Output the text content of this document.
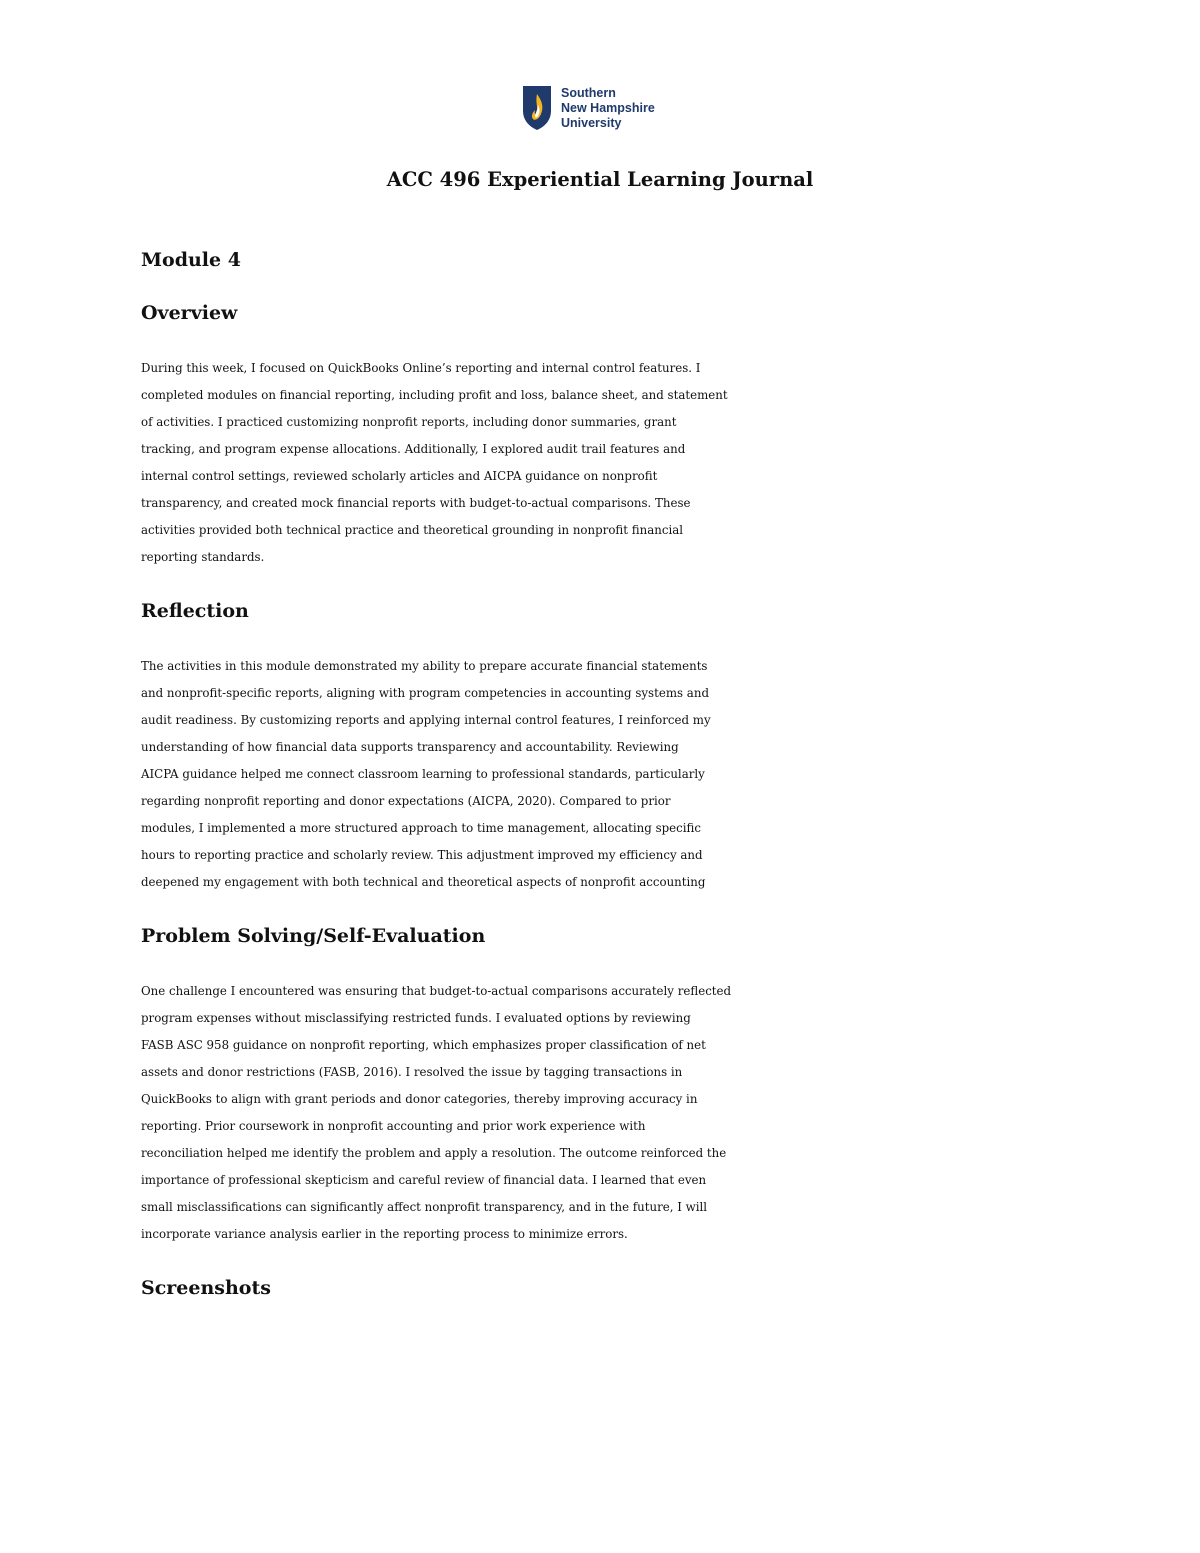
Southern
New Hampshire
University
ACC 496 Experiential Learning Journal
Module 4
Overview
During this week, I focused on QuickBooks Online’s reporting and internal control features. I
completed modules on financial reporting, including profit and loss, balance sheet, and statement
of activities. I practiced customizing nonprofit reports, including donor summaries, grant
tracking, and program expense allocations. Additionally, I explored audit trail features and
internal control settings, reviewed scholarly articles and AICPA guidance on nonprofit
transparency, and created mock financial reports with budget-to-actual comparisons. These
activities provided both technical practice and theoretical grounding in nonprofit financial
reporting standards.
Reflection
The activities in this module demonstrated my ability to prepare accurate financial statements
and nonprofit-specific reports, aligning with program competencies in accounting systems and
audit readiness. By customizing reports and applying internal control features, I reinforced my
understanding of how financial data supports transparency and accountability. Reviewing
AICPA guidance helped me connect classroom learning to professional standards, particularly
regarding nonprofit reporting and donor expectations (AICPA, 2020). Compared to prior
modules, I implemented a more structured approach to time management, allocating specific
hours to reporting practice and scholarly review. This adjustment improved my efficiency and
deepened my engagement with both technical and theoretical aspects of nonprofit accounting
Problem Solving/Self-Evaluation
One challenge I encountered was ensuring that budget-to-actual comparisons accurately reflected
program expenses without misclassifying restricted funds. I evaluated options by reviewing
FASB ASC 958 guidance on nonprofit reporting, which emphasizes proper classification of net
assets and donor restrictions (FASB, 2016). I resolved the issue by tagging transactions in
QuickBooks to align with grant periods and donor categories, thereby improving accuracy in
reporting. Prior coursework in nonprofit accounting and prior work experience with
reconciliation helped me identify the problem and apply a resolution. The outcome reinforced the
importance of professional skepticism and careful review of financial data. I learned that even
small misclassifications can significantly affect nonprofit transparency, and in the future, I will
incorporate variance analysis earlier in the reporting process to minimize errors.
Screenshots
